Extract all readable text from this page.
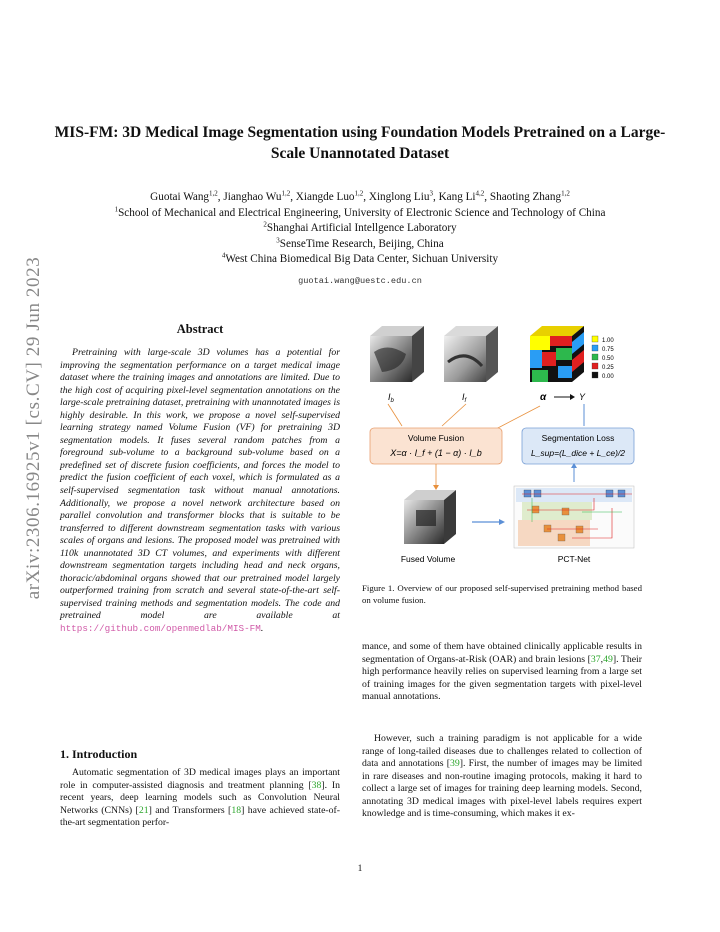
arXiv:2306.16925v1 [cs.CV] 29 Jun 2023
MIS-FM: 3D Medical Image Segmentation using Foundation Models Pretrained on a Large-Scale Unannotated Dataset
Guotai Wang$^{1,2}$, Jianghao Wu$^{1,2}$, Xiangde Luo$^{1,2}$, Xinglong Liu$^3$, Kang Li$^{4,2}$, Shaoting Zhang$^{1,2}$
$^1$School of Mechanical and Electrical Engineering, University of Electronic Science and Technology of China
$^2$Shanghai Artificial Intellgence Laboratory
$^3$SenseTime Research, Beijing, China
$^4$West China Biomedical Big Data Center, Sichuan University
guotai.wang@uestc.edu.cn
Abstract

Pretraining with large-scale 3D volumes has a potential for improving the segmentation performance on a target medical image dataset where the training images and annotations are limited. Due to the high cost of acquiring pixel-level segmentation annotations on the large-scale pretraining dataset, pretraining with unannotated images is highly desirable. In this work, we propose a novel self-supervised learning strategy named Volume Fusion (VF) for pretraining 3D segmentation models. It fuses several random patches from a foreground sub-volume to a background sub-volume based on a predefined set of discrete fusion coefficients, and forces the model to predict the fusion coefficient of each voxel, which is formulated as a self-supervised segmentation task without manual annotations. Additionally, we propose a novel network architecture based on parallel convolution and transformer blocks that is suitable to be transferred to different downstream segmentation tasks with various scales of organs and lesions. The proposed model was pretrained with 110k unannotated 3D CT volumes, and experiments with different downstream segmentation targets including head and neck organs, thoracic/abdominal organs showed that our pretrained model largely outperformed training from scratch and several state-of-the-art self-supervised training methods and segmentation models. The code and pretrained model are available at https://github.com/openmedlab/MIS-FM.

1. Introduction

Automatic segmentation of 3D medical images plays an important role in computer-assisted diagnosis and treatment planning [38]. In recent years, deep learning models such as Convolution Neural Networks (CNNs) [21] and Transformers [18] have achieved state-of-the-art segmentation perfor-

1.00
0.75
0.50
0.25
0.00
$I_b$	$I_f$	α	Y
Volume Fusion
X=α · I_f + (1 − α) · I_b
Segmentation Loss
L_sup=(L_dice + L_ce)/2
Fused Volume	PCT-Net
Figure 1. Overview of our proposed self-supervised pretraining method based on volume fusion.

mance, and some of them have obtained clinically applicable results in segmentation of Organs-at-Risk (OAR) and brain lesions [37,49]. Their high performance heavily relies on supervised learning from a large set of training images for the given segmentation targets with pixel-level manual annotations.

However, such a training paradigm is not applicable for a wide range of long-tailed diseases due to challenges related to collection of data and annotations [39]. First, the number of images may be limited in rare diseases and non-routine imaging protocols, making it hard to collect a large set of images for training deep learning models. Second, annotating 3D medical images with pixel-level labels requires expert knowledge and is time-consuming, which makes it ex-

1
